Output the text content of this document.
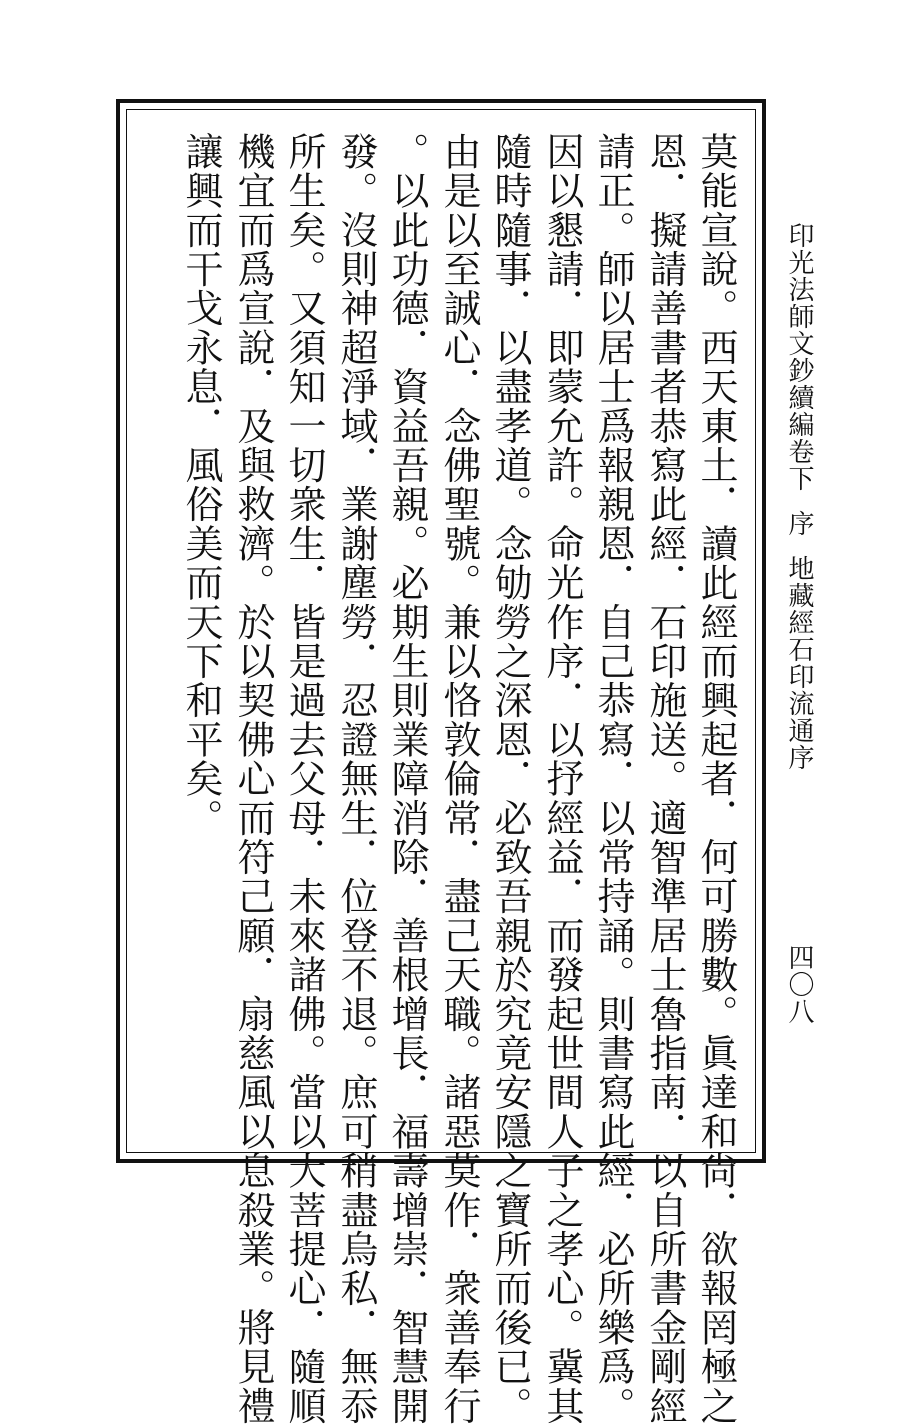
印光法師文鈔續編卷下序地藏經石印流通序
四〇八
莫能宣說。西天東土．讀此經而興起者．何可勝數。眞達和尙．欲報罔極之
恩．擬請善書者恭寫此經．石印施送。適智準居士魯指南．以自所書金剛經
請正。師以居士爲報親恩．自己恭寫．以常持誦。則書寫此經．必所樂爲。
因以懇請．即蒙允許。命光作序．以抒經益．而發起世間人子之孝心。冀其
隨時隨事．以盡孝道。念劬勞之深恩．必致吾親於究竟安隱之寶所而後已。
由是以至誠心．念佛聖號。兼以恪敦倫常．盡己天職。諸惡莫作．衆善奉行
。以此功德．資益吾親。必期生則業障消除．善根增長．福壽增崇．智慧開
發。沒則神超淨域．業謝塵勞．忍證無生．位登不退。庶可稍盡烏私．無忝
所生矣。又須知一切衆生．皆是過去父母．未來諸佛。當以大菩提心．隨順
機宜而爲宣說．及與救濟。於以契佛心而符己願．扇慈風以息殺業。將見禮
讓興而干戈永息．風俗美而天下和平矣。
